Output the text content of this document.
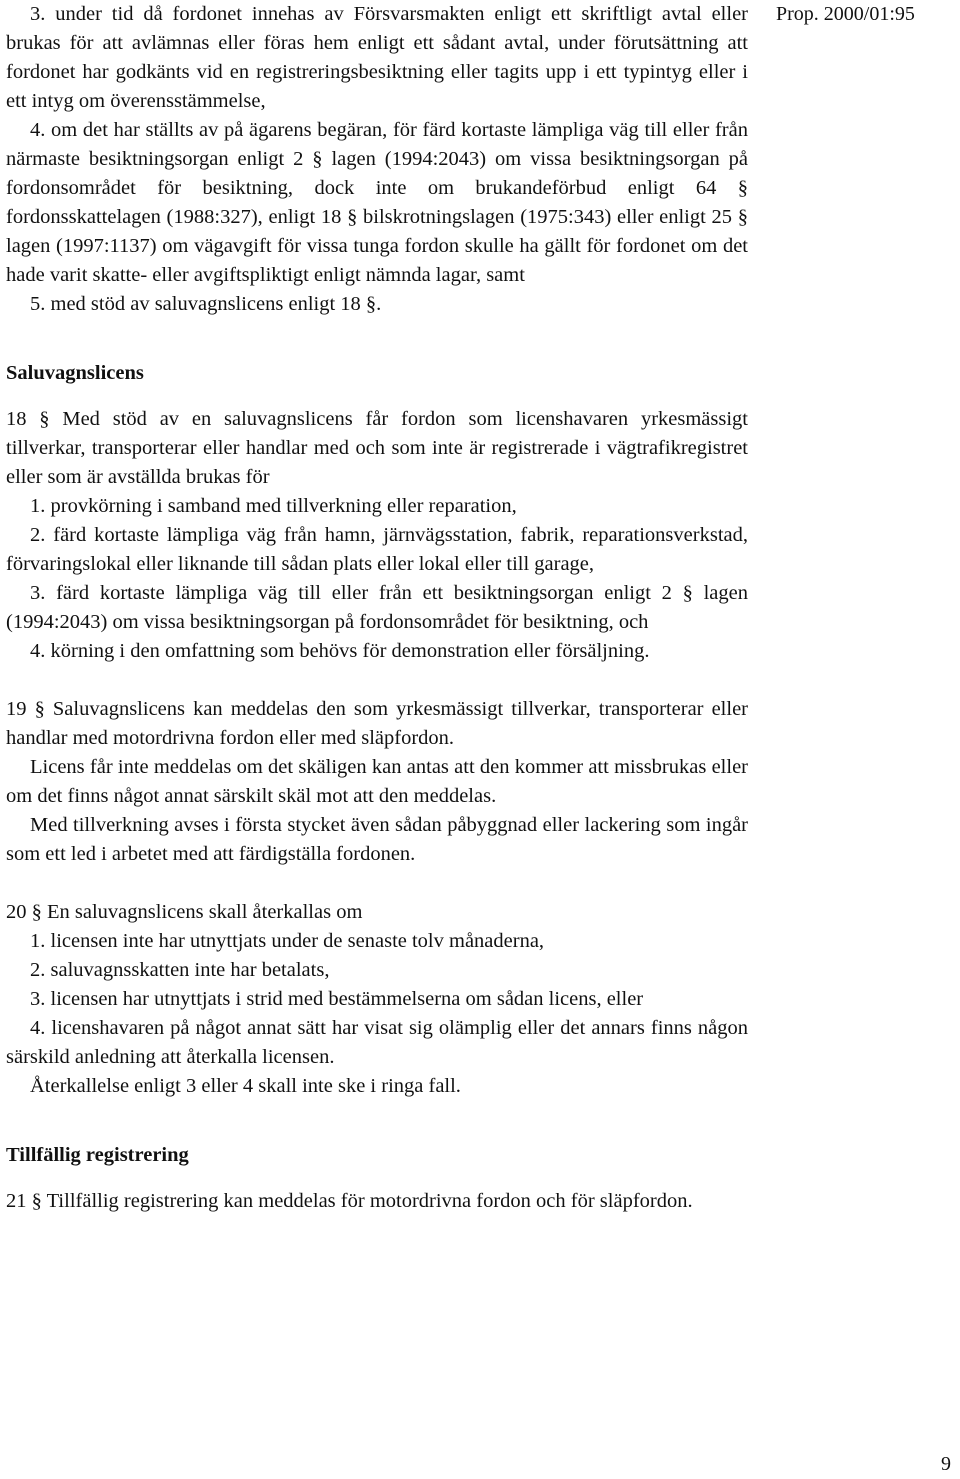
Prop. 2000/01:95

3. under tid då fordonet innehas av Försvarsmakten enligt ett skriftligt avtal eller brukas för att avlämnas eller föras hem enligt ett sådant avtal, under förutsättning att fordonet har godkänts vid en registreringsbesiktning eller tagits upp i ett typintyg eller i ett intyg om överensstämmelse,

4. om det har ställts av på ägarens begäran, för färd kortaste lämpliga väg till eller från närmaste besiktningsorgan enligt 2 § lagen (1994:2043) om vissa besiktningsorgan på fordonsområdet för besiktning, dock inte om brukandeförbud enligt 64 § fordonsskattelagen (1988:327), enligt 18 § bilskrotningslagen (1975:343) eller enligt 25 § lagen (1997:1137) om vägavgift för vissa tunga fordon skulle ha gällt för fordonet om det hade varit skatte- eller avgiftspliktigt enligt nämnda lagar, samt

5. med stöd av saluvagnslicens enligt 18 §.

Saluvagnslicens

18 § Med stöd av en saluvagnslicens får fordon som licenshavaren yrkesmässigt tillverkar, transporterar eller handlar med och som inte är registrerade i vägtrafikregistret eller som är avställda brukas för

1. provkörning i samband med tillverkning eller reparation,

2. färd kortaste lämpliga väg från hamn, järnvägsstation, fabrik, reparationsverkstad, förvaringslokal eller liknande till sådan plats eller lokal eller till garage,

3. färd kortaste lämpliga väg till eller från ett besiktningsorgan enligt 2 § lagen (1994:2043) om vissa besiktningsorgan på fordonsområdet för besiktning, och

4. körning i den omfattning som behövs för demonstration eller försäljning.

19 § Saluvagnslicens kan meddelas den som yrkesmässigt tillverkar, transporterar eller handlar med motordrivna fordon eller med släpfordon.

Licens får inte meddelas om det skäligen kan antas att den kommer att missbrukas eller om det finns något annat särskilt skäl mot att den meddelas.

Med tillverkning avses i första stycket även sådan påbyggnad eller lackering som ingår som ett led i arbetet med att färdigställa fordonen.

20 § En saluvagnslicens skall återkallas om

1. licensen inte har utnyttjats under de senaste tolv månaderna,

2. saluvagnsskatten inte har betalats,

3. licensen har utnyttjats i strid med bestämmelserna om sådan licens, eller

4. licenshavaren på något annat sätt har visat sig olämplig eller det annars finns någon särskild anledning att återkalla licensen.

Återkallelse enligt 3 eller 4 skall inte ske i ringa fall.

Tillfällig registrering

21 § Tillfällig registrering kan meddelas för motordrivna fordon och för släpfordon.

9
